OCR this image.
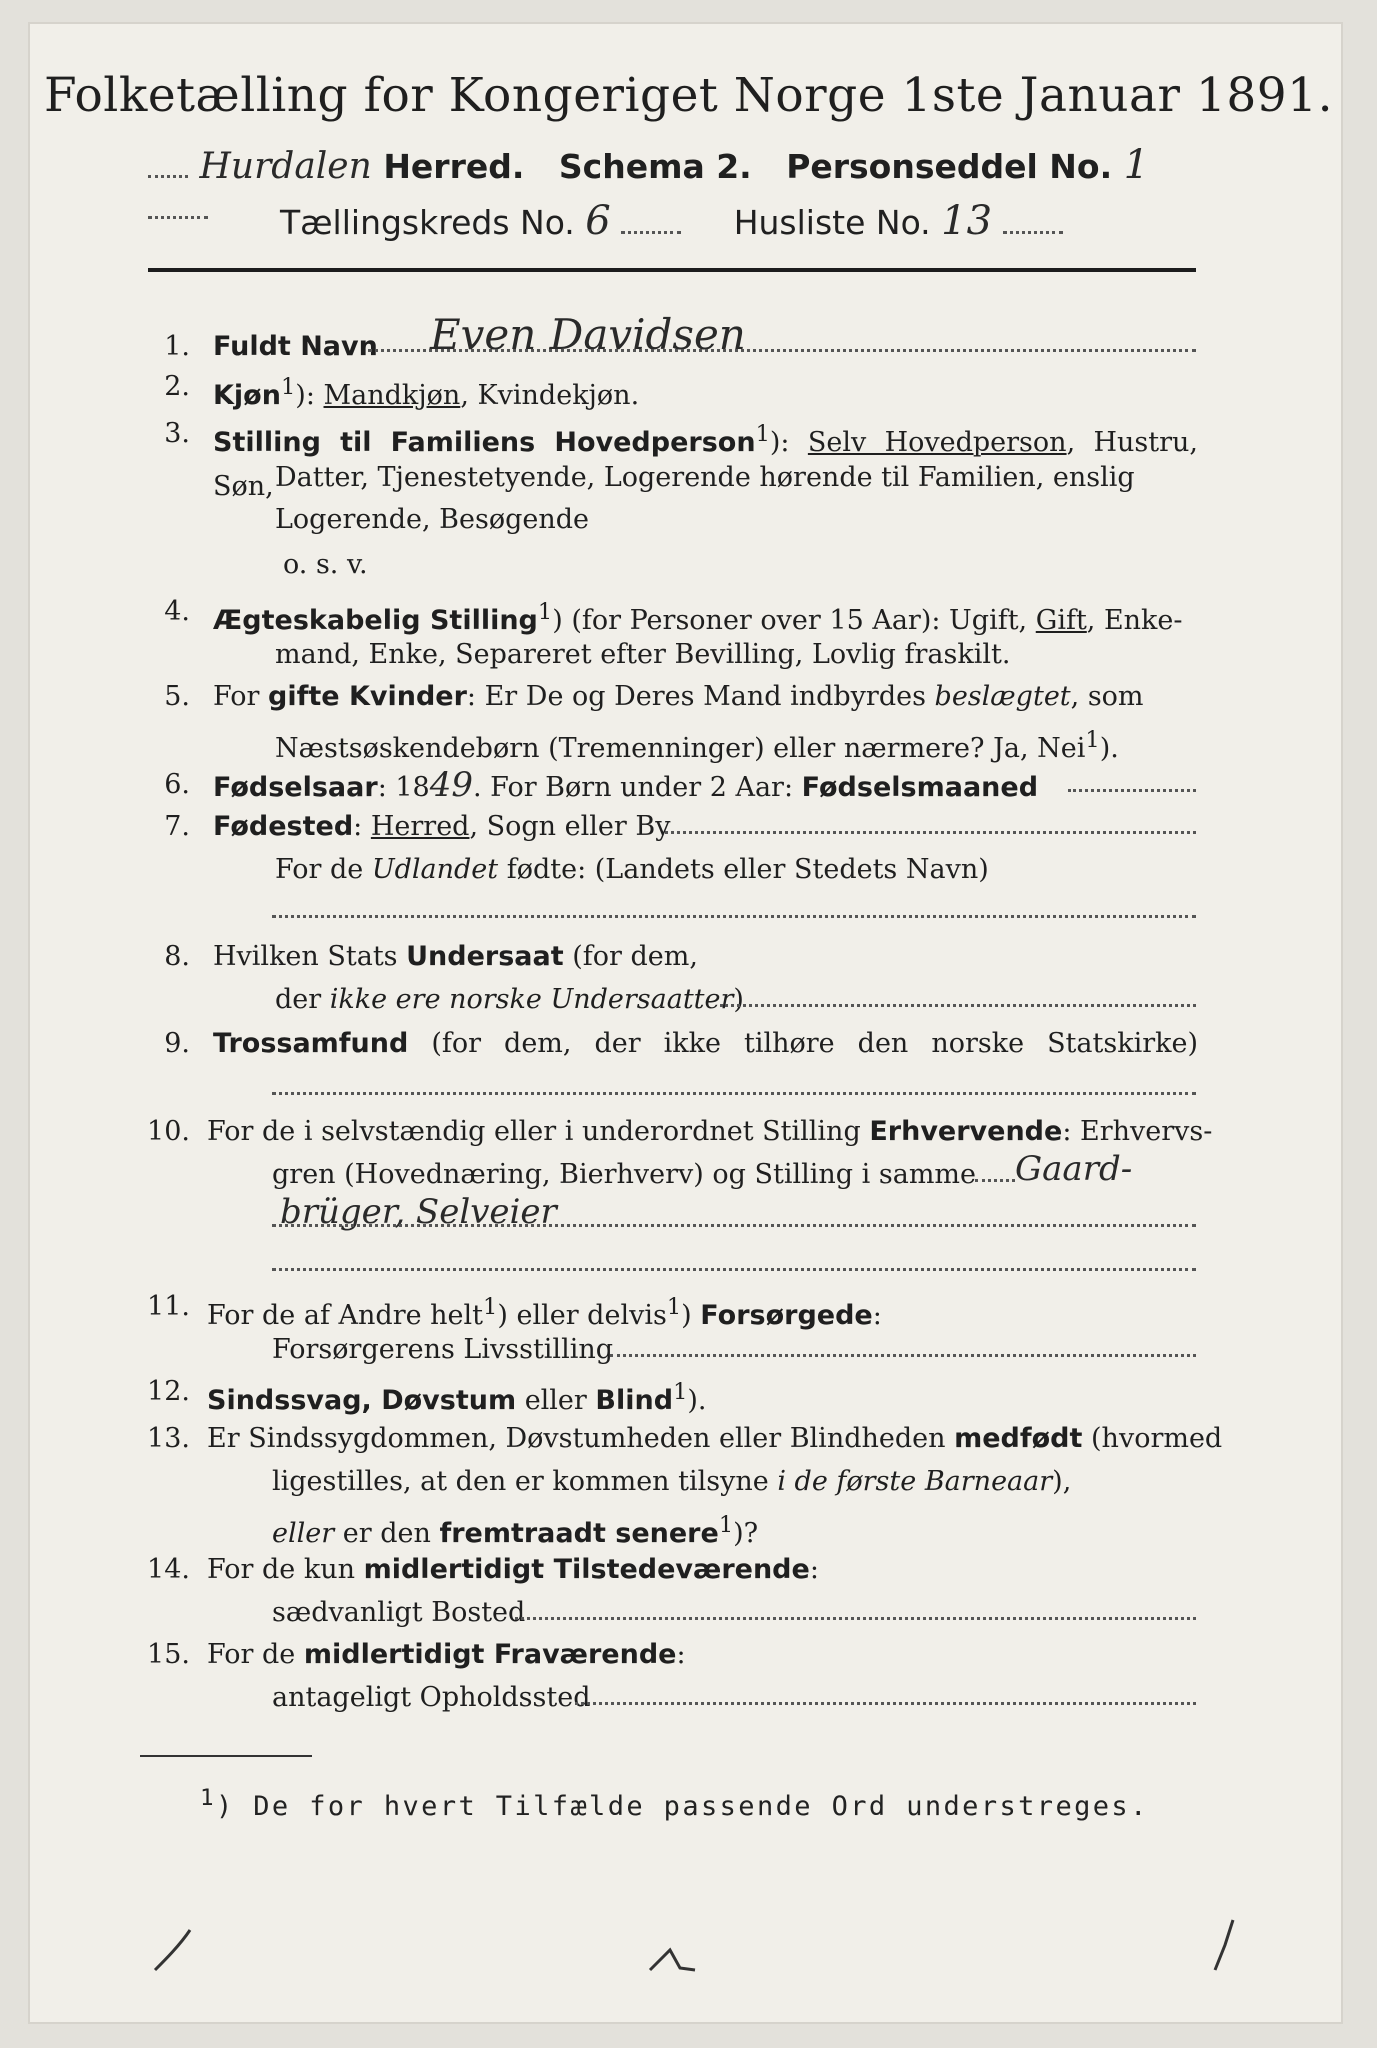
Folketælling for Kongeriget Norge 1ste Januar 1891.
Hurdalen Herred. Schema 2. Personseddel No. 1
Tællingskreds No. 6	Husliste No. 13
1. Fuldt Navn Even Davidsen
2. Kjøn$^1$): Mandkjøn, Kvindekjøn.
3. Stilling til Familiens Hovedperson$^1$): Selv Hovedperson, Hustru, Søn, Datter, Tjenestetyende, Logerende hørende til Familien, enslig
Logerende, Besøgende
o. s. v.
4. Ægteskabelig Stilling$^1$) (for Personer over 15 Aar): Ugift, Gift, Enke-
mand, Enke, Separeret efter Bevilling, Lovlig fraskilt.
5. For gifte Kvinder: Er De og Deres Mand indbyrdes beslægtet, som
Næstsøskendebørn (Tremenninger) eller nærmere? Ja, Nei$^1$).
6. Fødselsaar: 1849. For Børn under 2 Aar: Fødselsmaaned
7. Fødested: Herred, Sogn eller By
For de Udlandet fødte: (Landets eller Stedets Navn)
8. Hvilken Stats Undersaat (for dem,
der ikke ere norske Undersaatter)
9. Trossamfund (for dem, der ikke tilhøre den norske Statskirke)
10. For de i selvstændig eller i underordnet Stilling Erhvervende: Erhvervs-
gren (Hovednæring, Bierhverv) og Stilling i samme Gaard-
brüger, Selveier
11. For de af Andre helt$^1$) eller delvis$^1$) Forsørgede:
Forsørgerens Livsstilling
12. Sindssvag, Døvstum eller Blind$^1$).
13. Er Sindssygdommen, Døvstumheden eller Blindheden medfødt (hvormed
ligestilles, at den er kommen tilsyne i de første Barneaar),
eller er den fremtraadt senere$^1$)?
14. For de kun midlertidigt Tilstedeværende:
sædvanligt Bosted
15. For de midlertidigt Fraværende:
antageligt Opholdssted
$^1$) De for hvert Tilfælde passende Ord understreges.
